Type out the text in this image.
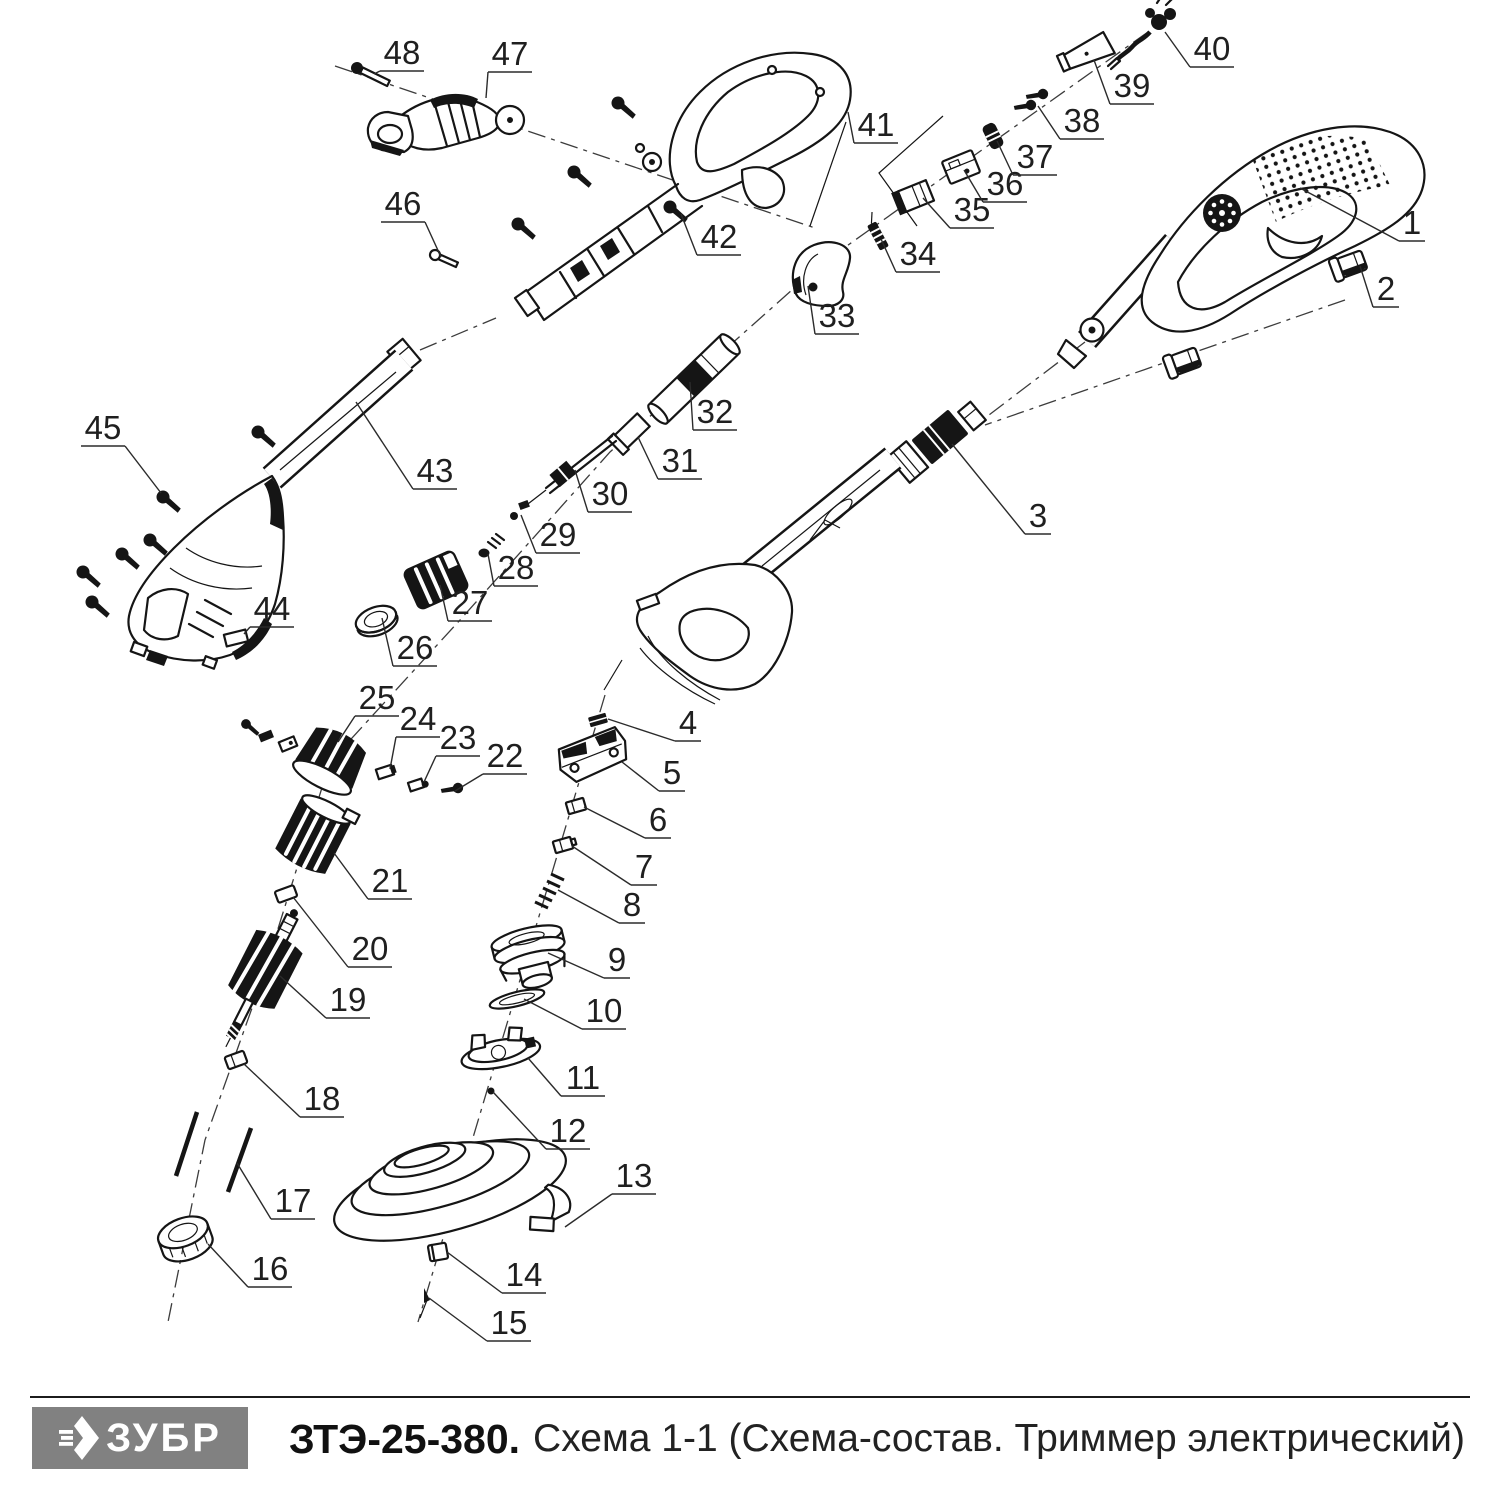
1
2
3
4
5
6
7
8
9
10
11
12
13
14
15
16
17
18
19
20
21
22
23
24
25
26
27
28
29
30
31
32
33
34
35
36
37
38
39
40
41
42
43
44
45
46
47
48
ЗУБР ЗТЭ-25-380. Схема 1-1 (Схема-состав. Триммер электрический)
